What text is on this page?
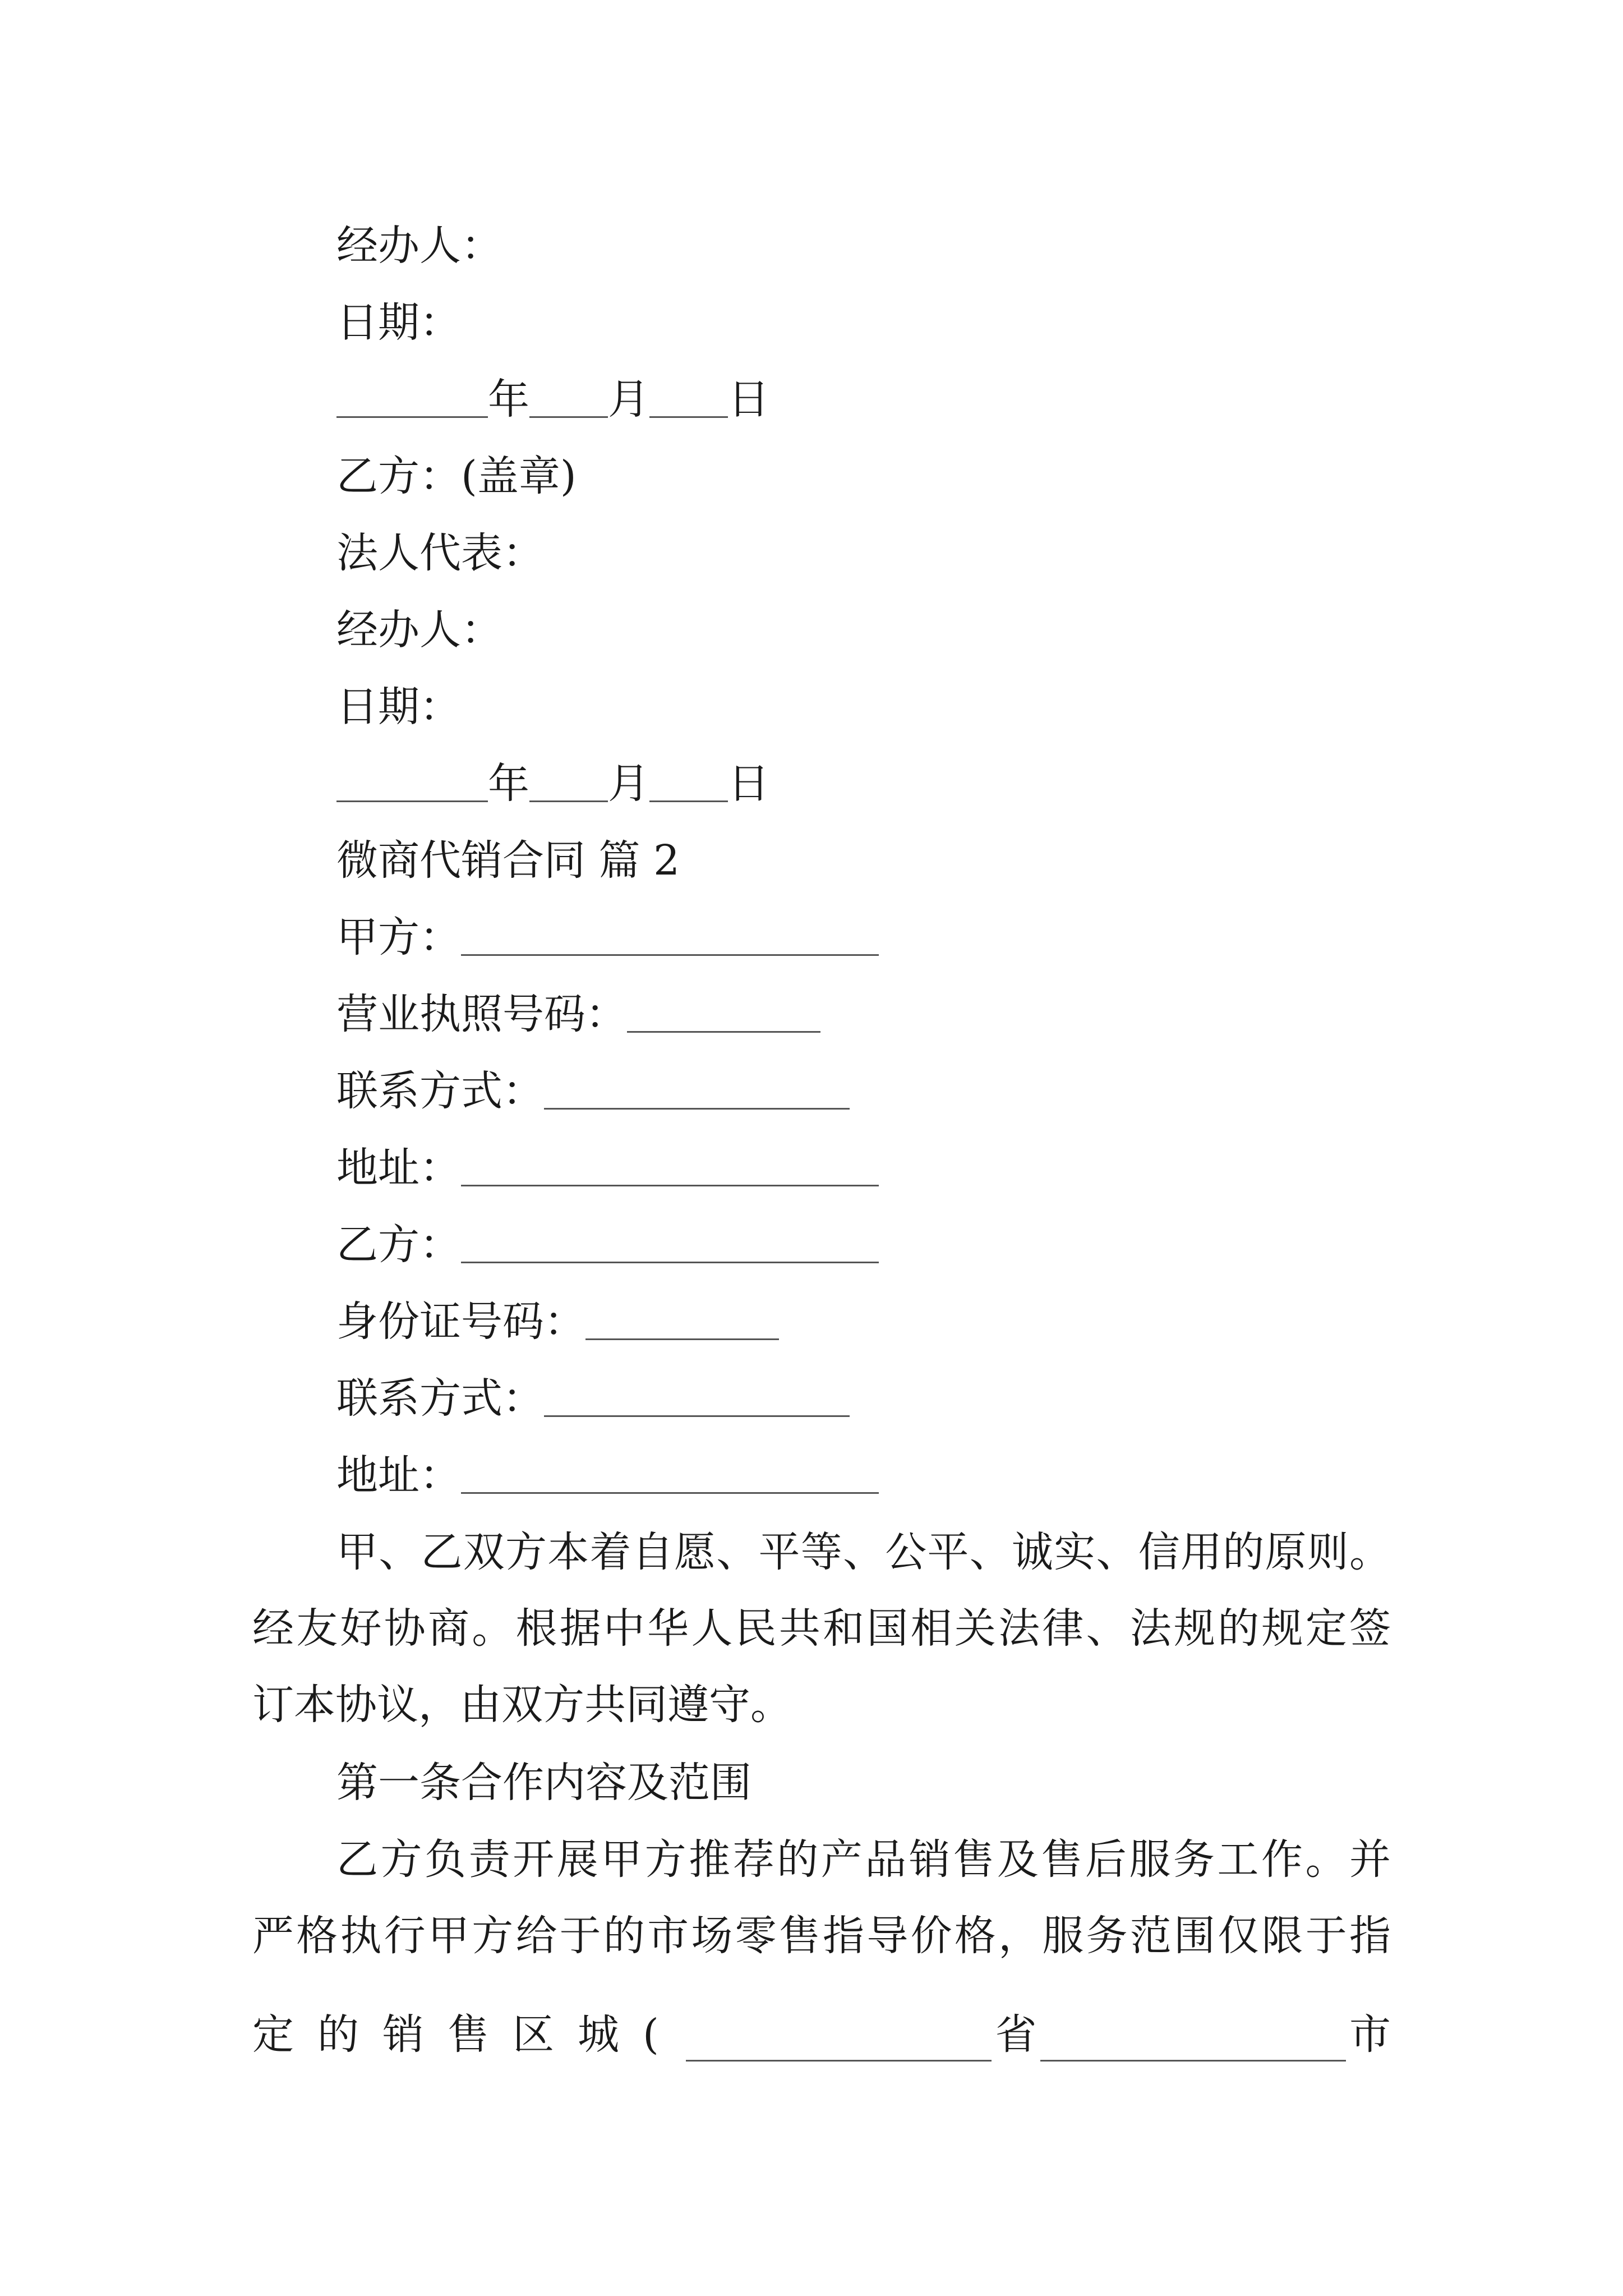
经办人：
日期：
年 月 日
乙方：(盖章)
法人代表：
经办人：
日期：
年 月 日
微商代销合同 篇 2
甲方：
营业执照号码：
联系方式：
地址：
乙方：
身份证号码：
联系方式：
地址：
甲、乙双方本着自愿、平等、公平、诚实、信用的原则。
经友好协商。根据中华人民共和国相关法律、法规的规定签
订本协议，由双方共同遵守。
第一条合作内容及范围
乙方负责开展甲方推荐的产品销售及售后服务工作。并
严格执行甲方给于的市场零售指导价格，服务范围仅限于指
定的销售区城(	省	市
